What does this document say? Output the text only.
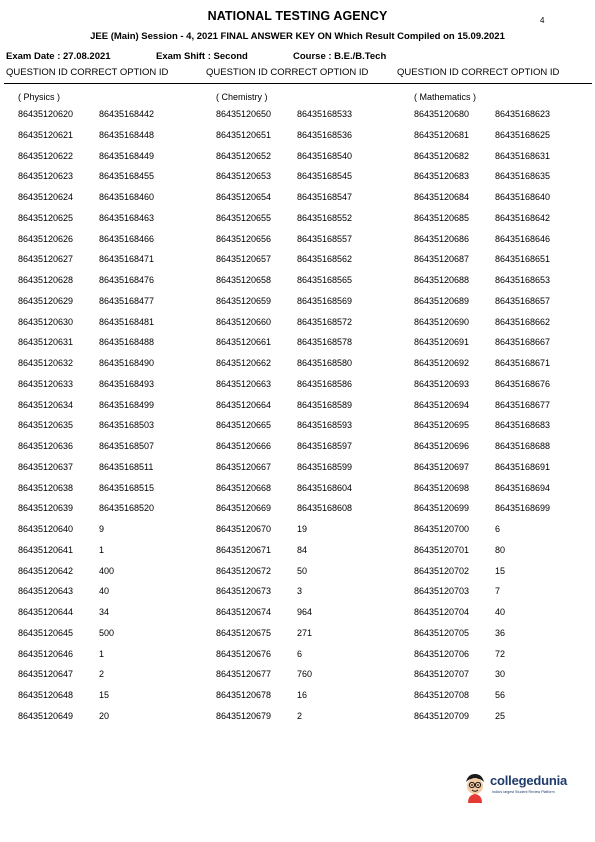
NATIONAL TESTING AGENCY	4
JEE (Main) Session - 4, 2021 FINAL ANSWER KEY ON Which Result Compiled on 15.09.2021
Exam Date : 27.08.2021	Exam Shift : Second	Course : B.E./B.Tech
QUESTION ID CORRECT OPTION ID	QUESTION ID CORRECT OPTION ID	QUESTION ID CORRECT OPTION ID
( Physics )
86435120620	86435168442
86435120621	86435168448
86435120622	86435168449
86435120623	86435168455
86435120624	86435168460
86435120625	86435168463
86435120626	86435168466
86435120627	86435168471
86435120628	86435168476
86435120629	86435168477
86435120630	86435168481
86435120631	86435168488
86435120632	86435168490
86435120633	86435168493
86435120634	86435168499
86435120635	86435168503
86435120636	86435168507
86435120637	86435168511
86435120638	86435168515
86435120639	86435168520
86435120640	9
86435120641	1
86435120642	400
86435120643	40
86435120644	34
86435120645	500
86435120646	1
86435120647	2
86435120648	15
86435120649	20
( Chemistry )
86435120650	86435168533
86435120651	86435168536
86435120652	86435168540
86435120653	86435168545
86435120654	86435168547
86435120655	86435168552
86435120656	86435168557
86435120657	86435168562
86435120658	86435168565
86435120659	86435168569
86435120660	86435168572
86435120661	86435168578
86435120662	86435168580
86435120663	86435168586
86435120664	86435168589
86435120665	86435168593
86435120666	86435168597
86435120667	86435168599
86435120668	86435168604
86435120669	86435168608
86435120670	19
86435120671	84
86435120672	50
86435120673	3
86435120674	964
86435120675	271
86435120676	6
86435120677	760
86435120678	16
86435120679	2
( Mathematics )
86435120680	86435168623
86435120681	86435168625
86435120682	86435168631
86435120683	86435168635
86435120684	86435168640
86435120685	86435168642
86435120686	86435168646
86435120687	86435168651
86435120688	86435168653
86435120689	86435168657
86435120690	86435168662
86435120691	86435168667
86435120692	86435168671
86435120693	86435168676
86435120694	86435168677
86435120695	86435168683
86435120696	86435168688
86435120697	86435168691
86435120698	86435168694
86435120699	86435168699
86435120700	6
86435120701	80
86435120702	15
86435120703	7
86435120704	40
86435120705	36
86435120706	72
86435120707	30
86435120708	56
86435120709	25
collegedunia
India's largest Student Review Platform
